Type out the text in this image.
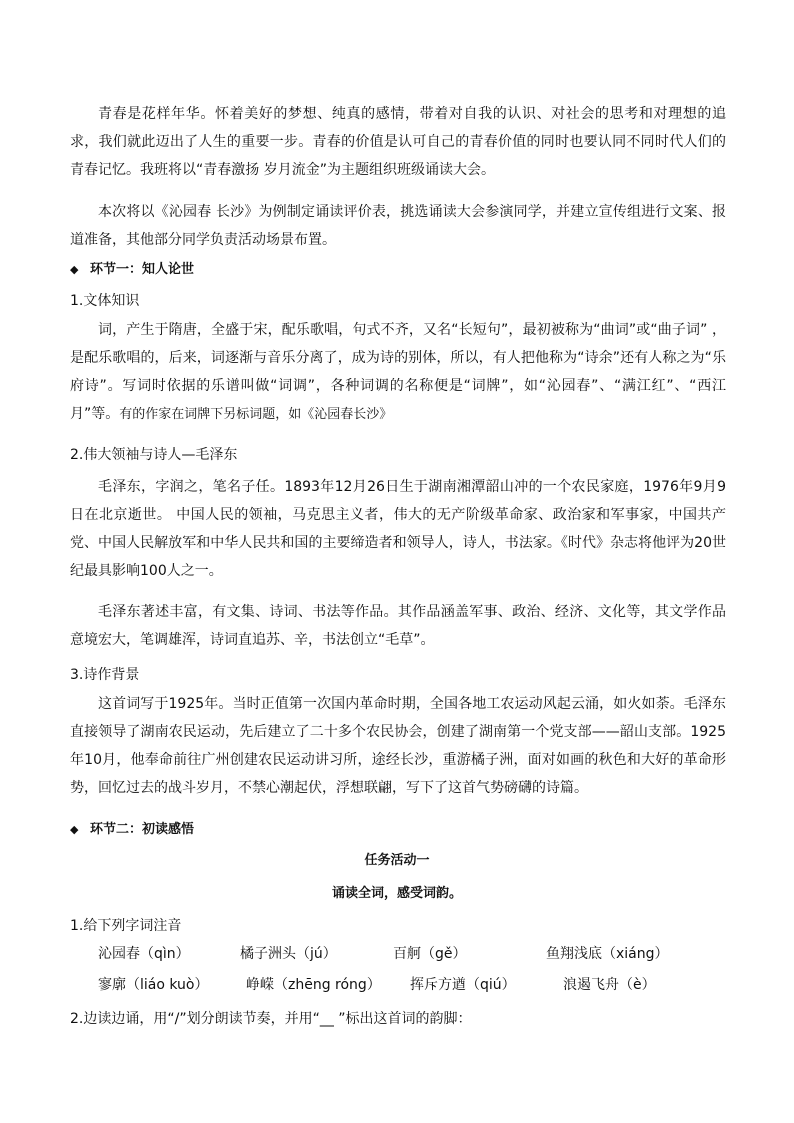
青春是花样年华。怀着美好的梦想、纯真的感情，带着对自我的认识、对社会的思考和对理想的追求，我们就此迈出了人生的重要一步。青春的价值是认可自己的青春价值的同时也要认同不同时代人们的青春记忆。我班将以“青春激扬 岁月流金”为主题组织班级诵读大会。

本次将以《沁园春 长沙》为例制定诵读评价表，挑选诵读大会参演同学，并建立宣传组进行文案、报道准备，其他部分同学负责活动场景布置。

◆ 环节一：知人论世
1.文体知识

词，产生于隋唐，全盛于宋，配乐歌唱，句式不齐，又名“长短句”，最初被称为“曲词”或“曲子词” ，是配乐歌唱的，后来，词逐渐与音乐分离了，成为诗的别体，所以，有人把他称为“诗余”还有人称之为“乐府诗”。写词时依据的乐谱叫做“词调”，各种词调的名称便是“词牌”，如“沁园春”、“满江红”、“西江月”等。有的作家在词牌下另标词题，如《沁园春长沙》

2.伟大领袖与诗人—毛泽东

毛泽东，字润之，笔名子任。1893年12月26日生于湖南湘潭韶山冲的一个农民家庭，1976年9月9日在北京逝世。 中国人民的领袖，马克思主义者，伟大的无产阶级革命家、政治家和军事家，中国共产党、中国人民解放军和中华人民共和国的主要缔造者和领导人，诗人，书法家。《时代》杂志将他评为20世纪最具影响100人之一。

毛泽东著述丰富，有文集、诗词、书法等作品。其作品涵盖军事、政治、经济、文化等，其文学作品意境宏大，笔调雄浑，诗词直追苏、辛，书法创立“毛草”。

3.诗作背景

这首词写于1925年。当时正值第一次国内革命时期，全国各地工农运动风起云涌，如火如荼。毛泽东直接领导了湖南农民运动，先后建立了二十多个农民协会，创建了湖南第一个党支部——韶山支部。1925年10月，他奉命前往广州创建农民运动讲习所，途经长沙，重游橘子洲，面对如画的秋色和大好的革命形势，回忆过去的战斗岁月，不禁心潮起伏，浮想联翩，写下了这首气势磅礴的诗篇。

◆ 环节二：初读感悟
任务活动一
诵读全词，感受词韵。
1.给下列字词注音
沁园春（qìn）	橘子洲头（jú）	百舸（gě）	鱼翔浅底（xiáng）
寥廓（liáo kuò）	峥嵘（zhēng róng） 挥斥方遒（qiú）	浪遏飞舟（è）
2.边读边诵，用“/”划分朗读节奏，并用“__ ”标出这首词的韵脚：
